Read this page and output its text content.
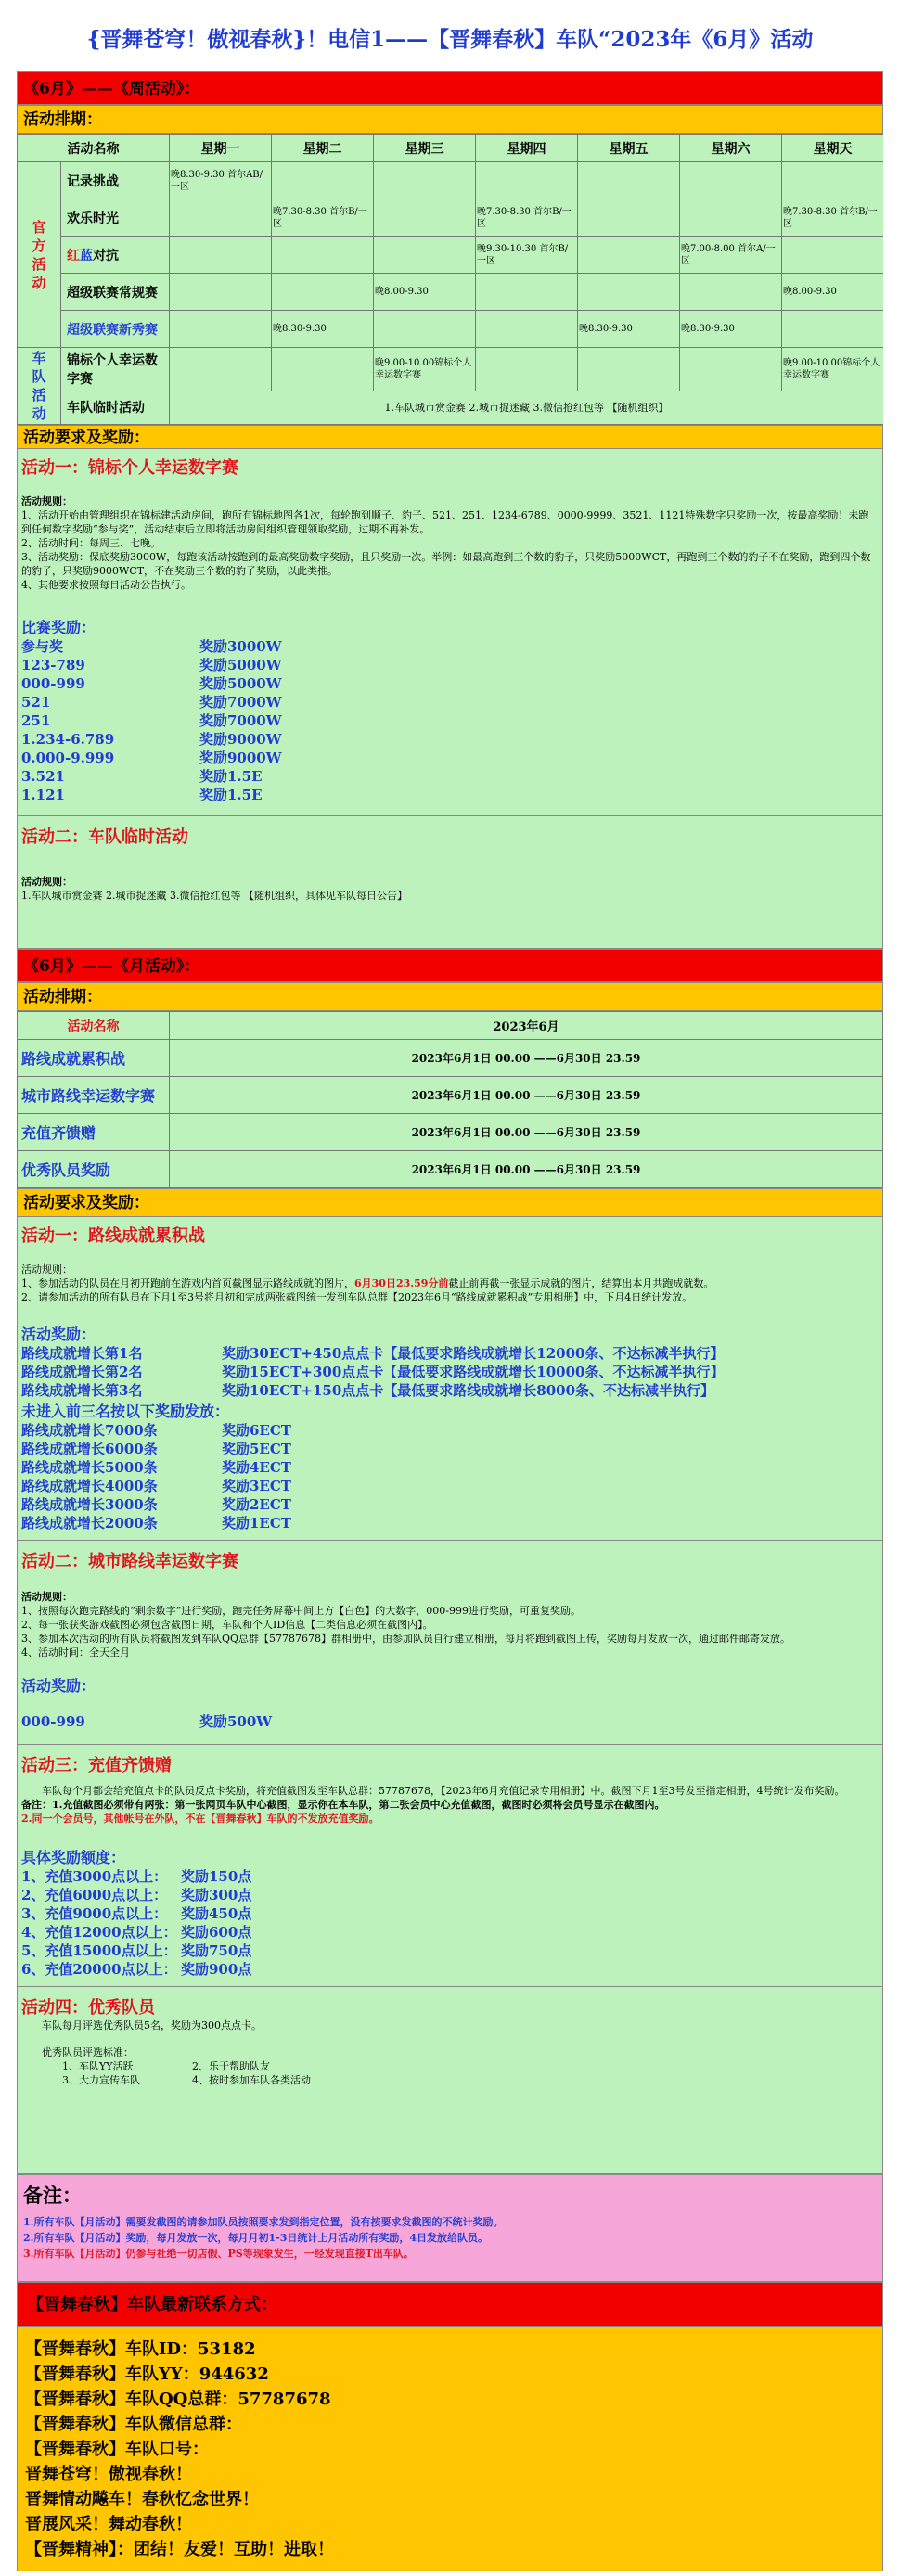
{晋舞苍穹！傲视春秋}！电信1——【晋舞春秋】车队“2023年《6月》活动
《6月》——《周活动》：
活动排期：
活动名称		星期一	星期二	星期三	星期四	星期五	星期六	星期天

官方活动	记录挑战	晚8.30-9.30 首尔AB/一区						
	欢乐时光		晚7.30-8.30 首尔B/一区		晚7.30-8.30 首尔B/一区			晚7.30-8.30 首尔B/一区
	红蓝对抗				晚9.30-10.30 首尔B/一区		晚7.00-8.00 首尔A/一区	
	超级联赛常规赛			晚8.00-9.30				晚8.00-9.30
	超级联赛新秀赛		晚8.30-9.30			晚8.30-9.30	晚8.30-9.30	

车队活动	锦标个人幸运数字赛			晚9.00-10.00锦标个人幸运数字赛				晚9.00-10.00锦标个人幸运数字赛
	车队临时活动	1.车队城市赏金赛 2.城市捉迷藏 3.微信抢红包等 【随机组织】						
活动要求及奖励：
活动一：锦标个人幸运数字赛
活动规则：
1、活动开始由管理组织在锦标建活动房间，跑所有锦标地图各1次，每轮跑到顺子、豹子、521、251、1234-6789、0000-9999、3521、1121特殊数字只奖励一次，按最高奖励！未跑到任何数字奖励“参与奖”，活动结束后立即将活动房间组织管理领取奖励，过期不再补发。
2、活动时间：每周三、七晚。
3、活动奖励：保底奖励3000W，每跑该活动按跑到的最高奖励数字奖励，且只奖励一次。举例：如最高跑到三个数的豹子，只奖励5000WCT，再跑到三个数的豹子不在奖励，跑到四个数的豹子，只奖励9000WCT，不在奖励三个数的豹子奖励，以此类推。
4、其他要求按照每日活动公告执行。
比赛奖励：
参与奖	奖励3000W
123-789	奖励5000W
000-999	奖励5000W
521	奖励7000W
251	奖励7000W
1.234-6.789	奖励9000W
0.000-9.999	奖励9000W
3.521	奖励1.5E
1.121	奖励1.5E
活动二：车队临时活动
活动规则：
1.车队城市赏金赛 2.城市捉迷藏 3.微信抢红包等 【随机组织，具体见车队每日公告】
《6月》——《月活动》：
活动排期：
活动名称	2023年6月
路线成就累积战	2023年6月1日 00.00 ——6月30日 23.59
城市路线幸运数字赛	2023年6月1日 00.00 ——6月30日 23.59
充值齐馈赠	2023年6月1日 00.00 ——6月30日 23.59
优秀队员奖励	2023年6月1日 00.00 ——6月30日 23.59
活动要求及奖励：
活动一：路线成就累积战
活动规则：
1、参加活动的队员在月初开跑前在游戏内首页截图显示路线成就的图片，6月30日23.59分前截止前再截一张显示成就的图片，结算出本月共跑成就数。
2、请参加活动的所有队员在下月1至3号将月初和完成两张截图统一发到车队总群【2023年6月“路线成就累积战”专用相册】中，下月4日统计发放。
活动奖励：
路线成就增长第1名	奖励30ECT+450点点卡【最低要求路线成就增长12000条、不达标减半执行】
路线成就增长第2名	奖励15ECT+300点点卡【最低要求路线成就增长10000条、不达标减半执行】
路线成就增长第3名	奖励10ECT+150点点卡【最低要求路线成就增长8000条、不达标减半执行】
未进入前三名按以下奖励发放：
路线成就增长7000条	奖励6ECT
路线成就增长6000条	奖励5ECT
路线成就增长5000条	奖励4ECT
路线成就增长4000条	奖励3ECT
路线成就增长3000条	奖励2ECT
路线成就增长2000条	奖励1ECT
活动二：城市路线幸运数字赛
活动规则：
1、按照每次跑完路线的“剩余数字”进行奖励，跑完任务屏幕中间上方【白色】的大数字，000-999进行奖励，可重复奖励。
2、每一张获奖游戏截图必须包含截图日期，车队和个人ID信息【二类信息必须在截图内】。
3、参加本次活动的所有队员将截图发到车队QQ总群【57787678】群相册中，由参加队员自行建立相册，每月将跑到截图上传，奖励每月发放一次，通过邮件邮寄发放。
4、活动时间：全天全月
活动奖励：
000-999	奖励500W
活动三：充值齐馈赠
车队每个月都会给充值点卡的队员反点卡奖励，将充值截图发至车队总群：57787678，【2023年6月充值记录专用相册】中。截图下月1至3号发至指定相册，4号统计发布奖励。
备注：1.充值截图必须带有两张：第一张网页车队中心截图，显示你在本车队，第二张会员中心充值截图，截图时必须将会员号显示在截图内。
2.同一个会员号，其他帐号在外队，不在【晋舞春秋】车队的不发放充值奖励。
具体奖励额度：
1、充值3000点以上： 奖励150点
2、充值6000点以上： 奖励300点
3、充值9000点以上： 奖励450点
4、充值12000点以上： 奖励600点
5、充值15000点以上： 奖励750点
6、充值20000点以上： 奖励900点
活动四：优秀队员
车队每月评选优秀队员5名，奖励为300点点卡。
优秀队员评选标准：
1、车队YY活跃	2、乐于帮助队友
3、大力宣传车队	4、按时参加车队各类活动
备注：
1.所有车队【月活动】需要发截图的请参加队员按照要求发到指定位置，没有按要求发截图的不统计奖励。
2.所有车队【月活动】奖励，每月发放一次，每月月初1-3日统计上月活动所有奖励，4日发放给队员。
3.所有车队【月活动】仍参与社绝一切店假、PS等现象发生，一经发现直接T出车队。
【晋舞春秋】车队最新联系方式：
【晋舞春秋】车队ID：53182
【晋舞春秋】车队YY：944632
【晋舞春秋】车队QQ总群：57787678
【晋舞春秋】车队微信总群：
【晋舞春秋】车队口号：
晋舞苍穹！傲视春秋！
晋舞情动飚车！春秋忆念世界！
晋展风采！舞动春秋！
【晋舞精神】：团结！友爱！互助！进取！
